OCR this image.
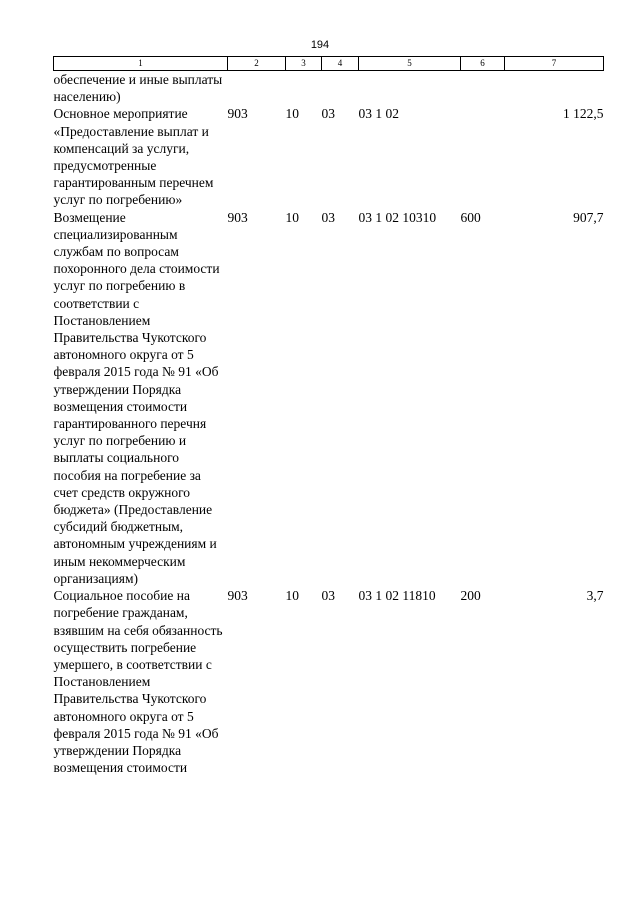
194
1	2	3	4	5	6	7
обеспечение и иные выплаты населению)						
Основное мероприятие «Предоставление выплат и компенсаций за услуги, предусмотренные гарантированным перечнем услуг по погребению»	903	10	03	03 1 02		1 122,5
Возмещение специализированным службам по вопросам похоронного дела стоимости услуг по погребению в соответствии с Постановлением Правительства Чукотского автономного округа от 5 февраля 2015 года № 91 «Об утверждении Порядка возмещения стоимости гарантированного перечня услуг по погребению и выплаты социального пособия на погребение за счет средств окружного бюджета» (Предоставление субсидий бюджетным, автономным учреждениям и иным некоммерческим организациям)	903	10	03	03 1 02 10310	600	907,7
Социальное пособие на погребение гражданам, взявшим на себя обязанность осуществить погребение умершего, в соответствии с Постановлением Правительства Чукотского автономного округа от 5 февраля 2015 года № 91 «Об утверждении Порядка возмещения стоимости	903	10	03	03 1 02 11810	200	3,7
